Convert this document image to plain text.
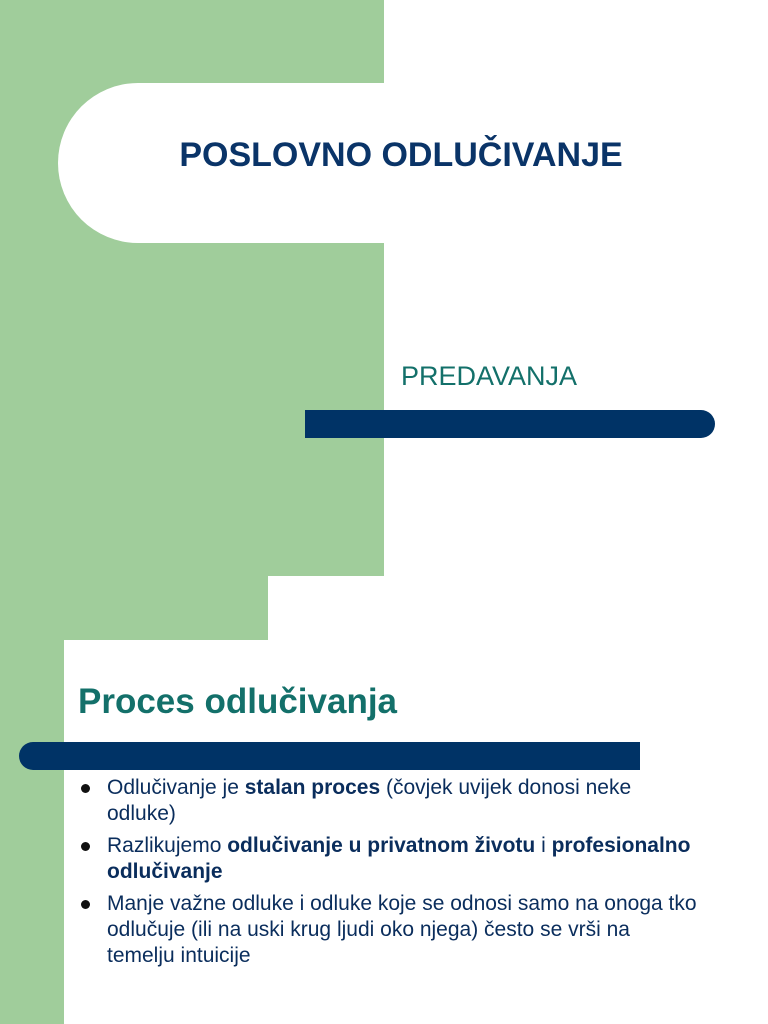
POSLOVNO ODLUČIVANJE

PREDAVANJA

Proces odlučivanja
Odlučivanje je stalan proces (čovjek uvijek donosi neke odluke)
Razlikujemo odlučivanje u privatnom životu i profesionalno odlučivanje
Manje važne odluke i odluke koje se odnosi samo na onoga tko odlučuje (ili na uski krug ljudi oko njega) često se vrši na temelju intuicije
